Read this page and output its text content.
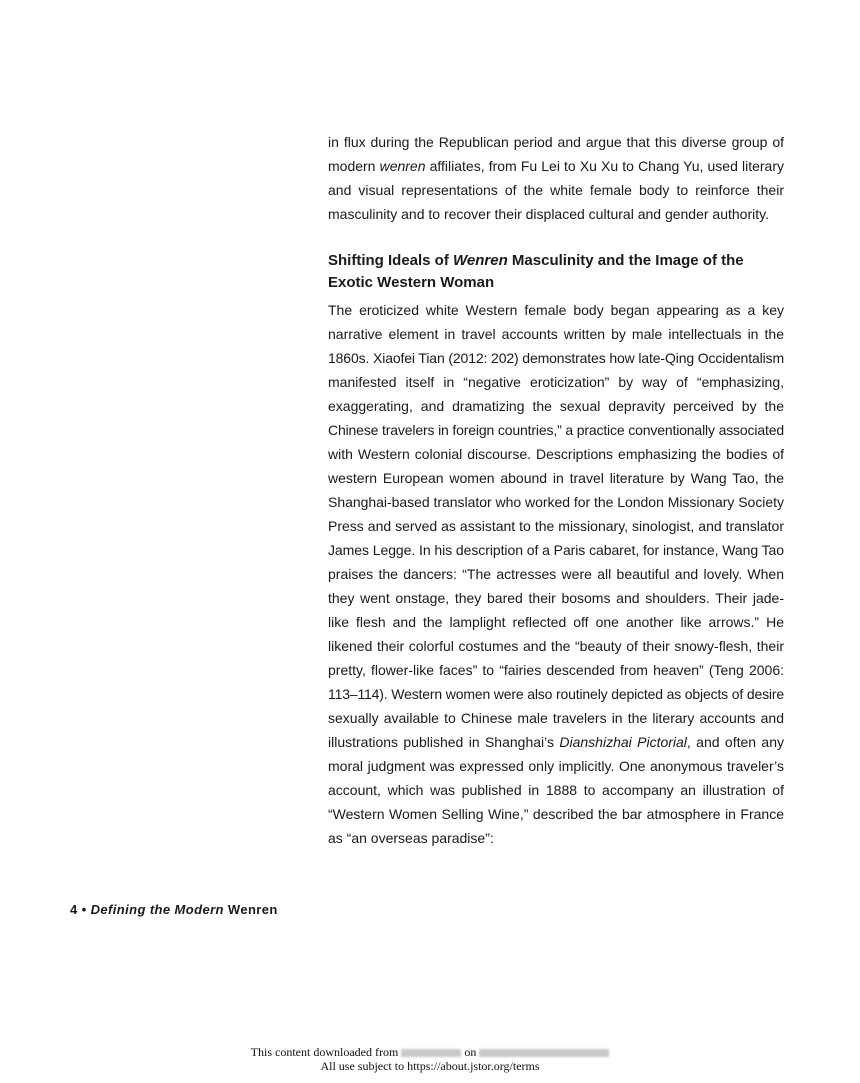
in flux during the Republican period and argue that this diverse group of
modern wenren affiliates, from Fu Lei to Xu Xu to Chang Yu, used literary
and visual representations of the white female body to reinforce their
masculinity and to recover their displaced cultural and gender authority.
Shifting Ideals of Wenren Masculinity and the Image of the
Exotic Western Woman
The eroticized white Western female body began appearing as a key
narrative element in travel accounts written by male intellectuals in the
1860s. Xiaofei Tian (2012: 202) demonstrates how late-Qing Occidentalism
manifested itself in “negative eroticization” by way of “emphasizing,
exaggerating, and dramatizing the sexual depravity perceived by the
Chinese travelers in foreign countries,” a practice conventionally associated
with Western colonial discourse. Descriptions emphasizing the bodies of
western European women abound in travel literature by Wang Tao, the
Shanghai-based translator who worked for the London Missionary Society
Press and served as assistant to the missionary, sinologist, and translator
James Legge. In his description of a Paris cabaret, for instance, Wang Tao
praises the dancers: “The actresses were all beautiful and lovely. When
they went onstage, they bared their bosoms and shoulders. Their jade-
like flesh and the lamplight reflected off one another like arrows.” He
likened their colorful costumes and the “beauty of their snowy-flesh, their
pretty, flower-like faces” to “fairies descended from heaven” (Teng 2006:
113–114). Western women were also routinely depicted as objects of desire
sexually available to Chinese male travelers in the literary accounts and
illustrations published in Shanghai’s Dianshizhai Pictorial, and often any
moral judgment was expressed only implicitly. One anonymous traveler’s
account, which was published in 1888 to accompany an illustration of
“Western Women Selling Wine,” described the bar atmosphere in France
as “an overseas paradise”:
4 • Defining the Modern Wenren
This content downloaded from	on
All use subject to https://about.jstor.org/terms
